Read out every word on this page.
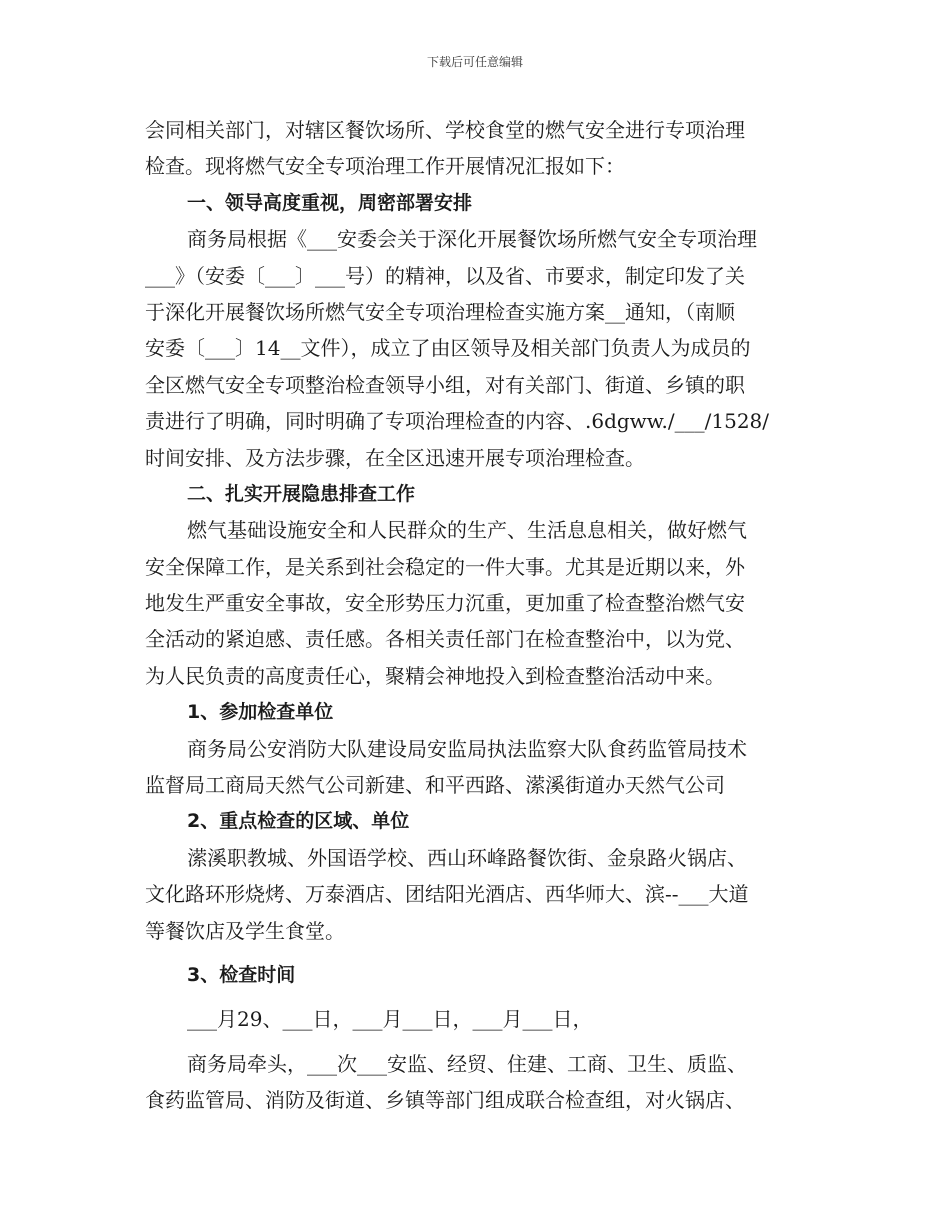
下载后可任意编辑
会同相关部门，对辖区餐饮场所、学校食堂的燃气安全进行专项治理
检查。现将燃气安全专项治理工作开展情况汇报如下：
一、领导高度重视，周密部署安排
商务局根据《___安委会关于深化开展餐饮场所燃气安全专项治理
___》（安委〔___〕___号）的精神，以及省、市要求，制定印发了关
于深化开展餐饮场所燃气安全专项治理检查实施方案__通知，（南顺
安委〔___〕14__文件），成立了由区领导及相关部门负责人为成员的
全区燃气安全专项整治检查领导小组，对有关部门、街道、乡镇的职
责进行了明确，同时明确了专项治理检查的内容、.6dgww./___/1528/
时间安排、及方法步骤，在全区迅速开展专项治理检查。
二、扎实开展隐患排查工作
燃气基础设施安全和人民群众的生产、生活息息相关，做好燃气
安全保障工作，是关系到社会稳定的一件大事。尤其是近期以来，外
地发生严重安全事故，安全形势压力沉重，更加重了检查整治燃气安
全活动的紧迫感、责任感。各相关责任部门在检查整治中，以为党、
为人民负责的高度责任心，聚精会神地投入到检查整治活动中来。
1、参加检查单位
商务局公安消防大队建设局安监局执法监察大队食药监管局技术
监督局工商局天然气公司新建、和平西路、潆溪街道办天然气公司
2、重点检查的区域、单位
潆溪职教城、外国语学校、西山环峰路餐饮街、金泉路火锅店、
文化路环形烧烤、万泰酒店、团结阳光酒店、西华师大、滨--___大道
等餐饮店及学生食堂。
3、检查时间
___月29、___日，___月___日，___月___日，
商务局牵头，___次___安监、经贸、住建、工商、卫生、质监、
食药监管局、消防及街道、乡镇等部门组成联合检查组，对火锅店、
